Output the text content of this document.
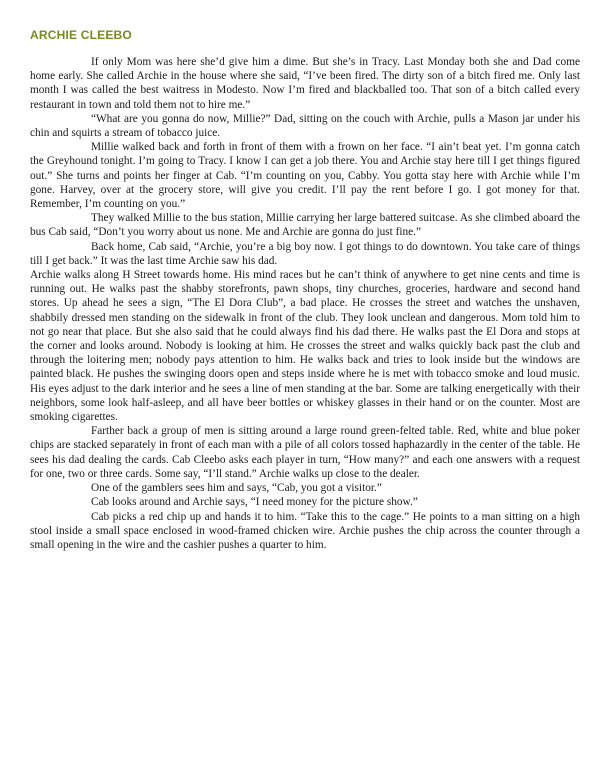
ARCHIE CLEEBO

If only Mom was here she’d give him a dime. But she’s in Tracy. Last Monday both she and Dad come home early. She called Archie in the house where she said, “I’ve been fired. The dirty son of a bitch fired me. Only last month I was called the best waitress in Modesto. Now I’m fired and blackballed too. That son of a bitch called every restaurant in town and told them not to hire me.”

“What are you gonna do now, Millie?” Dad, sitting on the couch with Archie, pulls a Mason jar under his chin and squirts a stream of tobacco juice.

Millie walked back and forth in front of them with a frown on her face. “I ain’t beat yet. I’m gonna catch the Greyhound tonight. I’m going to Tracy. I know I can get a job there. You and Archie stay here till I get things figured out.” She turns and points her finger at Cab. “I’m counting on you, Cabby. You gotta stay here with Archie while I’m gone. Harvey, over at the grocery store, will give you credit. I’ll pay the rent before I go. I got money for that. Remember, I’m counting on you.”

They walked Millie to the bus station, Millie carrying her large battered suitcase. As she climbed aboard the bus Cab said, “Don’t you worry about us none. Me and Archie are gonna do just fine.”

Back home, Cab said, “Archie, you’re a big boy now. I got things to do downtown. You take care of things till I get back.” It was the last time Archie saw his dad.

Archie walks along H Street towards home. His mind races but he can’t think of anywhere to get nine cents and time is running out. He walks past the shabby storefronts, pawn shops, tiny churches, groceries, hardware and second hand stores. Up ahead he sees a sign, “The El Dora Club”, a bad place. He crosses the street and watches the unshaven, shabbily dressed men standing on the sidewalk in front of the club. They look unclean and dangerous. Mom told him to not go near that place. But she also said that he could always find his dad there. He walks past the El Dora and stops at the corner and looks around. Nobody is looking at him. He crosses the street and walks quickly back past the club and through the loitering men; nobody pays attention to him. He walks back and tries to look inside but the windows are painted black. He pushes the swinging doors open and steps inside where he is met with tobacco smoke and loud music. His eyes adjust to the dark interior and he sees a line of men standing at the bar. Some are talking energetically with their neighbors, some look half-asleep, and all have beer bottles or whiskey glasses in their hand or on the counter. Most are smoking cigarettes.

Farther back a group of men is sitting around a large round green-felted table. Red, white and blue poker chips are stacked separately in front of each man with a pile of all colors tossed haphazardly in the center of the table. He sees his dad dealing the cards. Cab Cleebo asks each player in turn, “How many?” and each one answers with a request for one, two or three cards. Some say, “I’ll stand.” Archie walks up close to the dealer.

One of the gamblers sees him and says, “Cab, you got a visitor.”

Cab looks around and Archie says, “I need money for the picture show.”

Cab picks a red chip up and hands it to him. “Take this to the cage.” He points to a man sitting on a high stool inside a small space enclosed in wood-framed chicken wire. Archie pushes the chip across the counter through a small opening in the wire and the cashier pushes a quarter to him.
